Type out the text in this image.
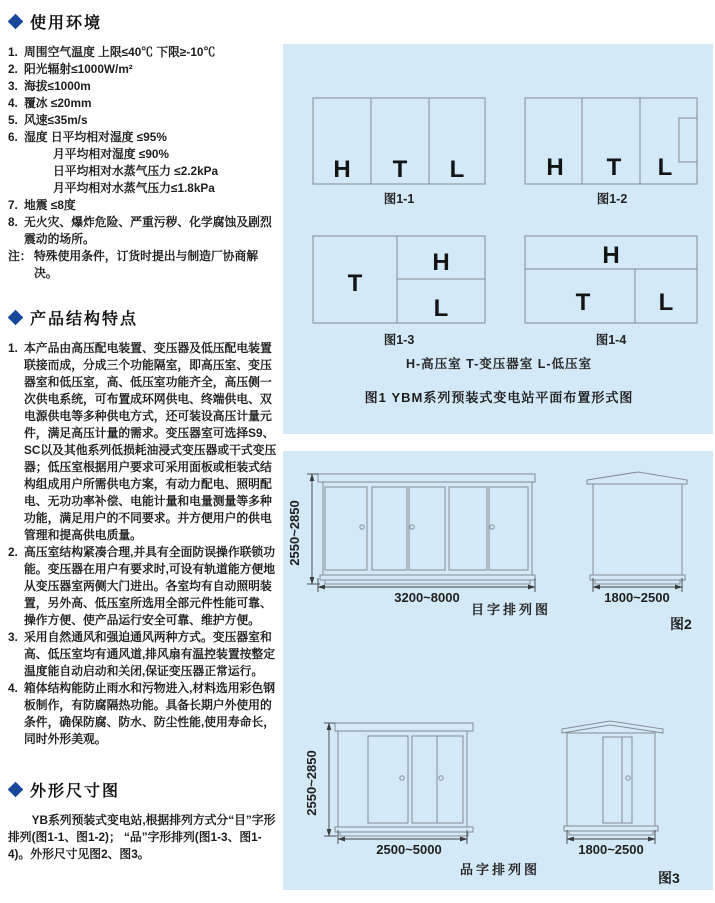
使用环境
1. 周围空气温度 上限≤40℃ 下限≥-10℃
2. 阳光辐射≤1000W/m²
3. 海拔≤1000m
4. 覆冰 ≤20mm
5. 风速≤35m/s
6. 湿度 日平均相对湿度 ≤95%
月平均相对湿度 ≤90%
日平均相对水蒸气压力 ≤2.2kPa
月平均相对水蒸气压力≤1.8kPa
7. 地震 ≤8度
8. 无火灾、爆炸危险、严重污秽、化学腐蚀及剧烈震动的场所。
注： 特殊使用条件，订货时提出与制造厂协商解决。
产品结构特点
1. 本产品由高压配电装置、变压器及低压配电装置联接而成，分成三个功能隔室，即高压室、变压器室和低压室，高、低压室功能齐全，高压侧一次供电系统，可布置成环网供电、终端供电、双电源供电等多种供电方式，还可装设高压计量元件，满足高压计量的需求。变压器室可选择S9、SC以及其他系列低损耗油浸式变压器或干式变压器；低压室根据用户要求可采用面板或柜装式结构组成用户所需供电方案，有动力配电、照明配电、无功功率补偿、电能计量和电量测量等多种功能，满足用户的不同要求。并方便用户的供电管理和提高供电质量。
2. 高压室结构紧凑合理,并具有全面防误操作联锁功能。变压器在用户有要求时,可设有轨道能方便地从变压器室两侧大门进出。各室均有自动照明装置，另外高、低压室所选用全部元件性能可靠、操作方便、使产品运行安全可靠、维护方便。
3. 采用自然通风和强迫通风两种方式。变压器室和高、低压室均有通风道,排风扇有温控装置按整定温度能自动启动和关闭,保证变压器正常运行。
4. 箱体结构能防止雨水和污物进入,材料选用彩色钢板制作，有防腐隔热功能。具备长期户外使用的条件，确保防腐、防水、防尘性能,使用寿命长，同时外形美观。
外形尺寸图

YB系列预装式变电站,根据排列方式分“目”字形排列(图1-1、图1-2)； “品”字形排列(图1-3、图1-4)。外形尺寸见图2、图3。

H T L
图1-1
H T L
图1-2
T
H
L
图1-3
H
T	L
图1-4
H-高压室 T-变压器室 L-低压室
图1 YBM系列预装式变电站平面布置形式图
2550~2850
3200~8000
目字排列图
1800~2500
图2
2550~2850
2500~5000
品字排列图
1800~2500
图3
